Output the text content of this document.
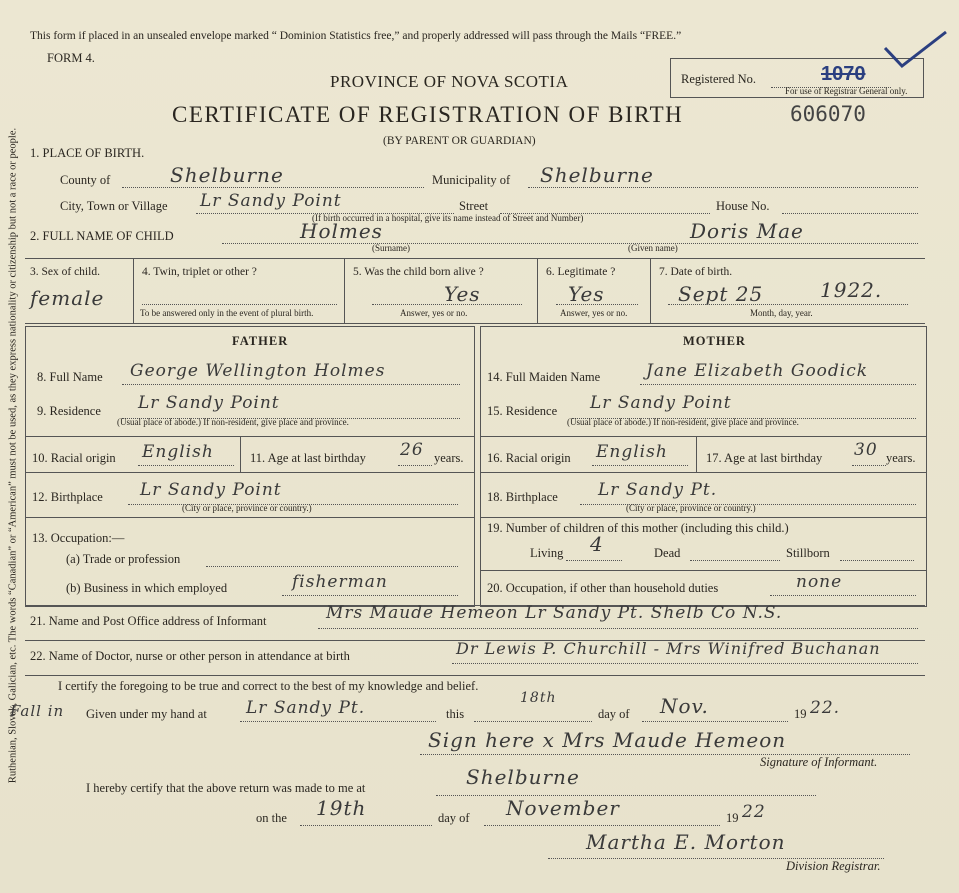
Ruthenian, Slovak, Galician, etc. The words “Canadian” or “American” must not be used, as they express nationality or citizenship but not a race or people.
This form if placed in an unsealed envelope marked “ Dominion Statistics free,” and properly addressed will pass through the Mails “FREE.”
FORM 4.
Registered No.	1070
For use of Registrar General only.
PROVINCE OF NOVA SCOTIA
CERTIFICATE OF REGISTRATION OF BIRTH	606070
(BY PARENT OR GUARDIAN)
1. PLACE OF BIRTH.
County of	Shelburne	Municipality of Shelburne
City, Town or Village Lr Sandy Point	Street	House No.
(If birth occurred in a hospital, give its name instead of Street and Number)
2. FULL NAME OF CHILD	Holmes	Doris Mae
(Surname)	(Given name)
3. Sex of child.
female
4. Twin, triplet or other ?
To be answered only in the event of plural birth.
5. Was the child born alive ?
Yes
Answer, yes or no.
6. Legitimate ?
Yes
Answer, yes or no.
7. Date of birth.
Sept 25	1922.
Month, day, year.
FATHER	MOTHER
8. Full Name George Wellington Holmes
9. Residence Lr Sandy Point
(Usual place of abode.) If non-resident, give place and province.
10. Racial origin English	11. Age at last birthday 26 years.
12. Birthplace Lr Sandy Point
(City or place, province or country.)
13. Occupation:—
(a) Trade or profession
(b) Business in which employed	fisherman
14. Full Maiden Name	Jane Elizabeth Goodick
15. Residence Lr Sandy Point
(Usual place of abode.) If non-resident, give place and province.
16. Racial origin English	17. Age at last birthday 30 years.
18. Birthplace Lr Sandy Pt.
(City or place, province or country.)
19. Number of children of this mother (including this child.)
Living 4	Dead	Stillborn
20. Occupation, if other than household duties	none
21. Name and Post Office address of Informant	Mrs Maude Hemeon Lr Sandy Pt. Shelb Co N.S.
22. Name of Doctor, nurse or other person in attendance at birth	Dr Lewis P. Churchill - Mrs Winifred Buchanan
I certify the foregoing to be true and correct to the best of my knowledge and belief.
Fall in Given under my hand at Lr Sandy Pt.	this
18th
day of Nov.	19 22.
Sign here x Mrs Maude Hemeon
Signature of Informant.
I hereby certify that the above return was made to me at	Shelburne
on the 19th	day of November	19 22
Martha E. Morton
Division Registrar.
